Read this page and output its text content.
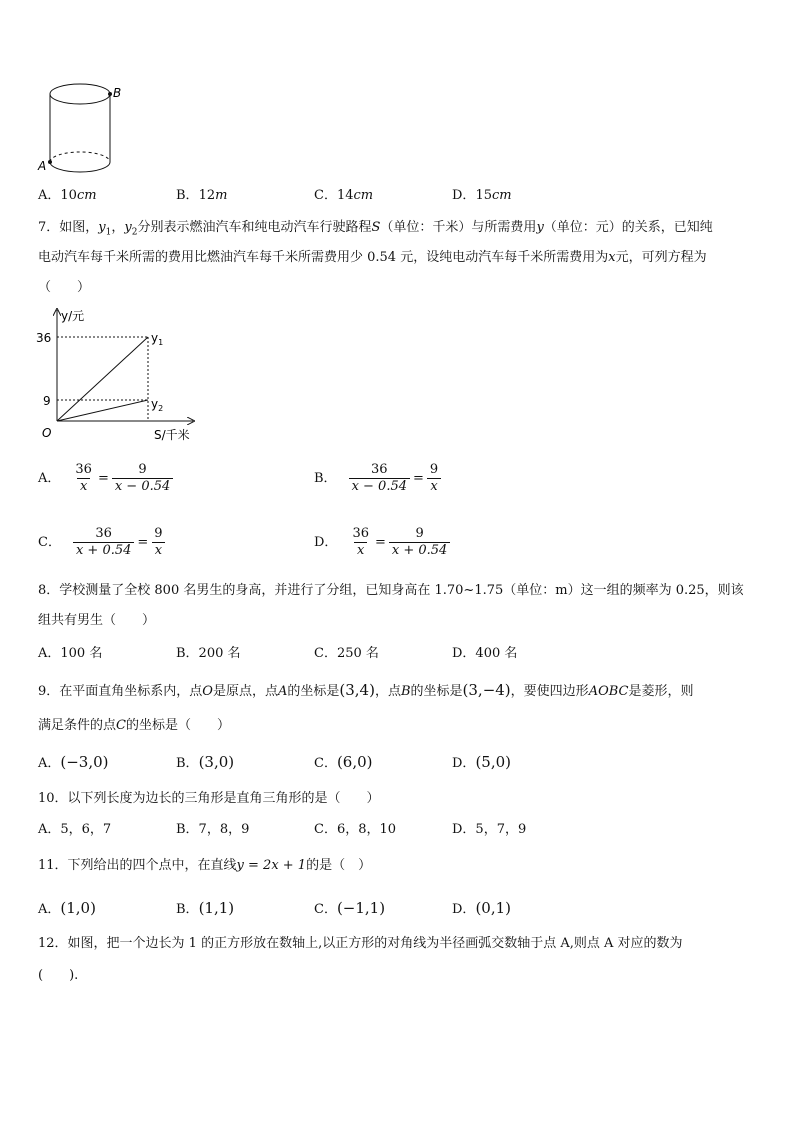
B
A
A．10cm	B．12m	C．14cm	D．15cm
7．如图，$y_1$，$y_2$分别表示燃油汽车和纯电动汽车行驶路程S（单位：千米）与所需费用y（单位：元）的关系，已知纯
电动汽车每千米所需的费用比燃油汽车每千米所需费用少 0.54 元，设纯电动汽车每千米所需费用为x元，可列方程为
（　　）
y/元
S/千米
O
36
9
$y_1$
$y_2$
A． $\frac{36}{x} = \frac{9}{x - 0.54}$	B． $\frac{36}{x - 0.54} = \frac{9}{x}$
C． $\frac{36}{x + 0.54} = \frac{9}{x}$	D． $\frac{36}{x} = \frac{9}{x + 0.54}$
8．学校测量了全校 800 名男生的身高，并进行了分组，已知身高在 1.70~1.75（单位：m）这一组的频率为 0.25，则该
组共有男生（　　）
A．100 名	B．200 名	C．250 名	D．400 名
9．在平面直角坐标系内，点O是原点，点A的坐标是(3,4)，点B的坐标是(3,−4)，要使四边形AOBC是菱形，则
满足条件的点C的坐标是（　　）
A．(−3,0)	B．(3,0)	C．(6,0)	D．(5,0)
10．以下列长度为边长的三角形是直角三角形的是（　　）
A．5，6，7	B．7，8，9	C．6，8，10	D．5，7，9
11．下列给出的四个点中，在直线y = 2x + 1的是（　）
A．(1,0)	B．(1,1)	C．(−1,1)	D．(0,1)
12．如图，把一个边长为 1 的正方形放在数轴上,以正方形的对角线为半径画弧交数轴于点 A,则点 A 对应的数为
(　　).
